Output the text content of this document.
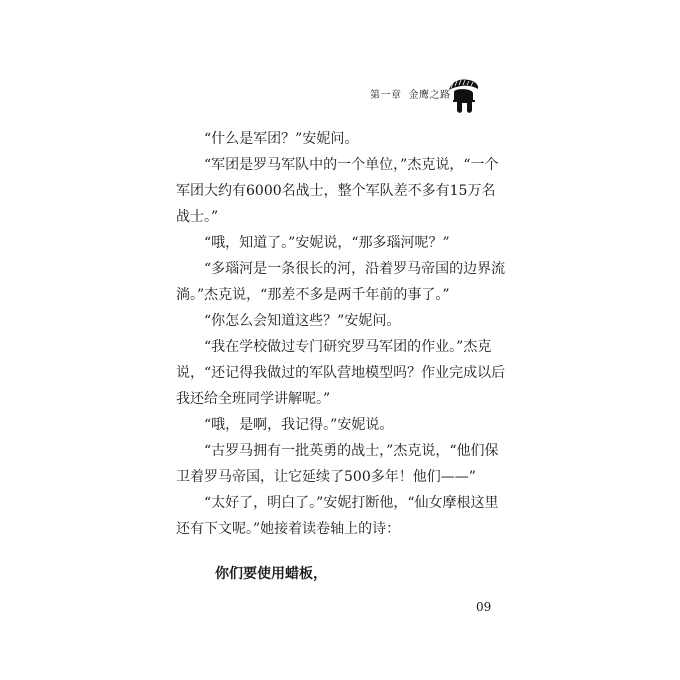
第一章 金鹰之路

“什么是军团？”安妮问。

“军团是罗马军队中的一个单位，”杰克说，“一个军团大约有6000名战士，整个军队差不多有15万名战士。”

“哦，知道了。”安妮说，“那多瑙河呢？”

“多瑙河是一条很长的河，沿着罗马帝国的边界流淌。”杰克说，“那差不多是两千年前的事了。”

“你怎么会知道这些？”安妮问。

“我在学校做过专门研究罗马军团的作业。”杰克说，“还记得我做过的军队营地模型吗？作业完成以后我还给全班同学讲解呢。”

“哦，是啊，我记得。”安妮说。

“古罗马拥有一批英勇的战士，”杰克说，“他们保卫着罗马帝国，让它延续了500多年！他们——”

“太好了，明白了。”安妮打断他，“仙女摩根这里还有下文呢。”她接着读卷轴上的诗：

你们要使用蜡板，
09
